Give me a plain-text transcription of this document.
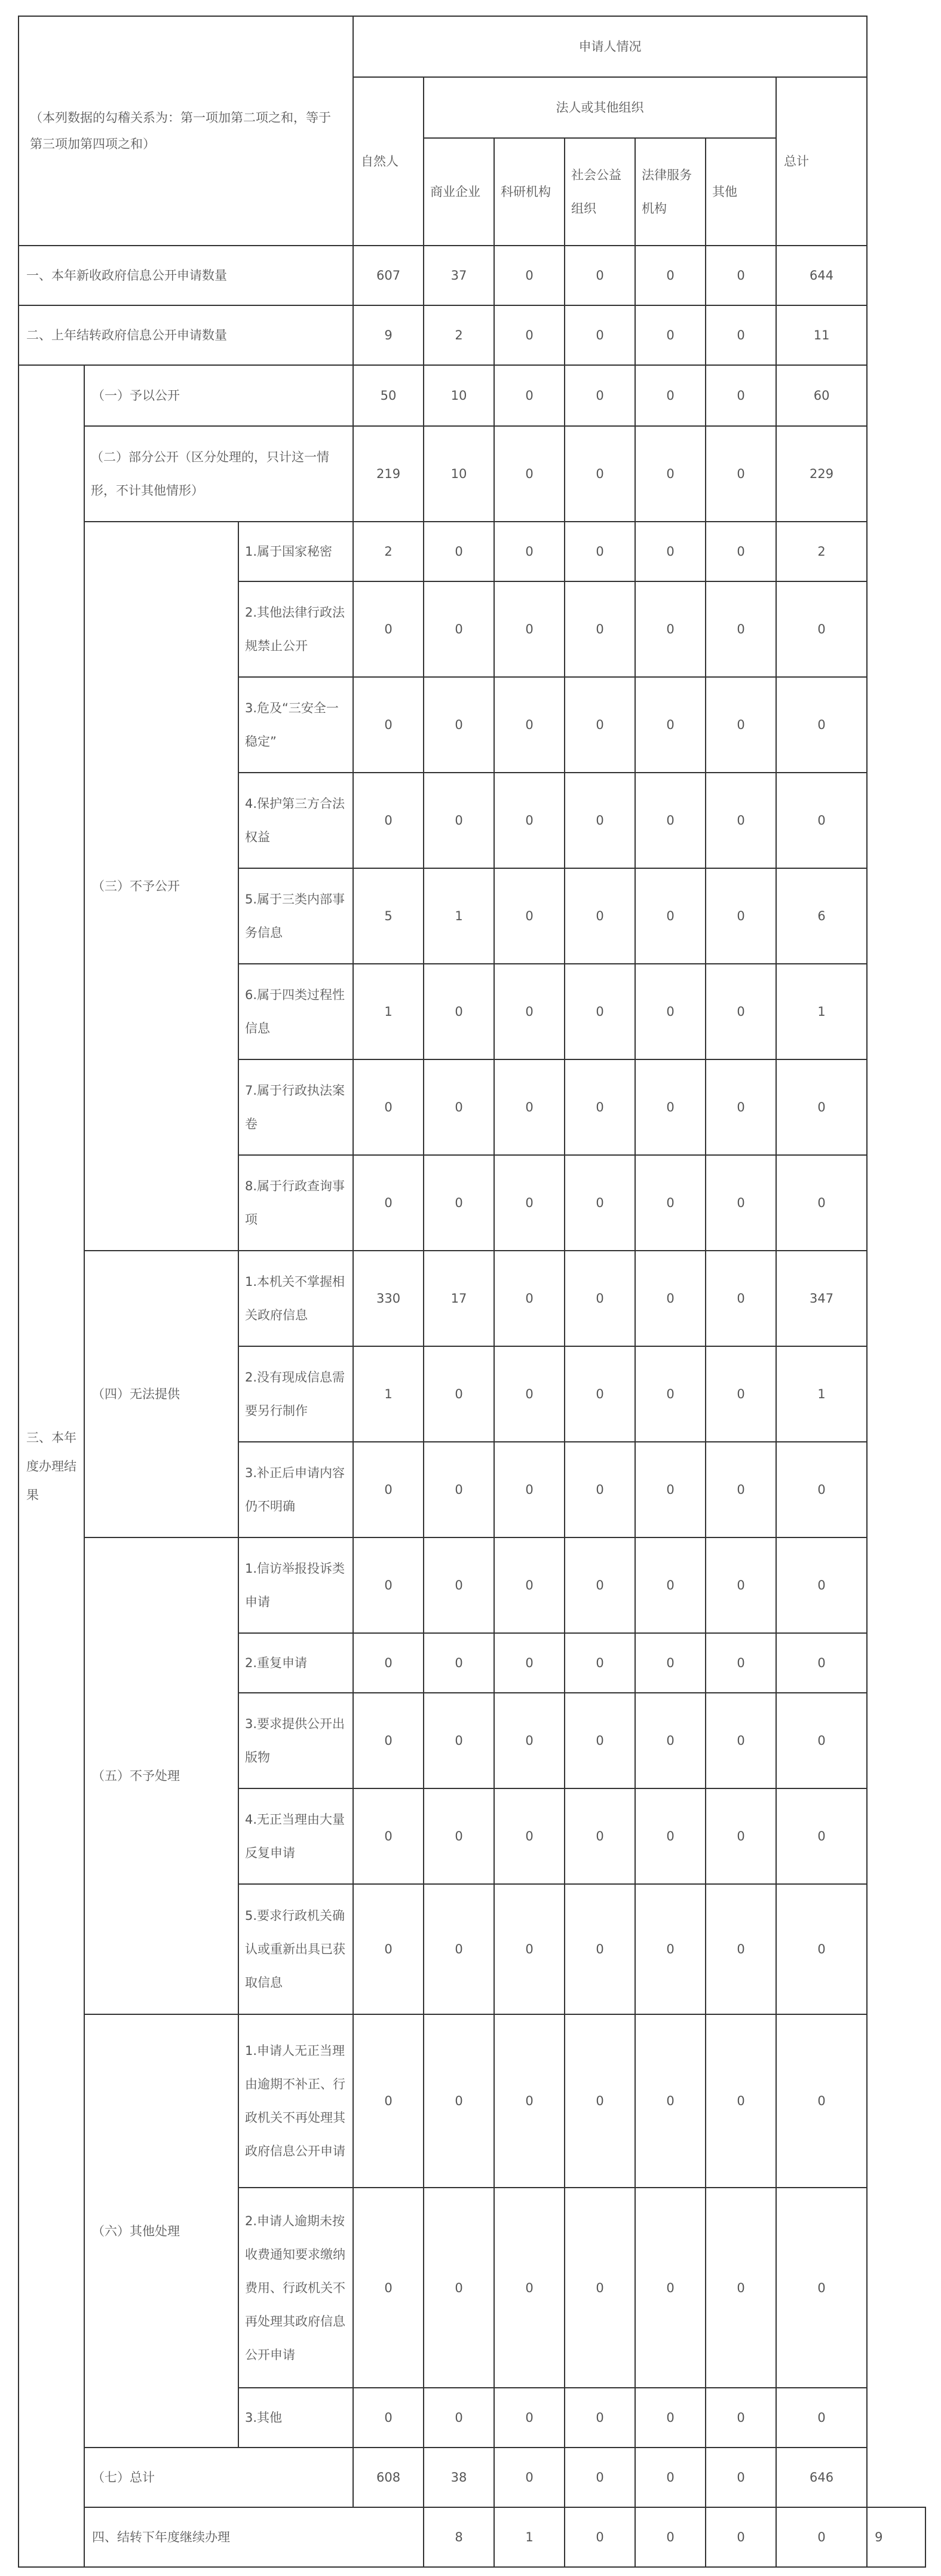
（本列数据的勾稽关系为：第一项加第二项之和，等于第三项加第四项之和）			申请人情况							
			自然人	法人或其他组织					总计	
				商业企业	科研机构	社会公益组织	法律服务机构	其他		
一、本年新收政府信息公开申请数量			607	37	0	0	0	0	644	
二、上年结转政府信息公开申请数量			9	2	0	0	0	0	11	
三、本年度办理结果	（一）予以公开		50	10	0	0	0	0	60	
	（二）部分公开（区分处理的，只计这一情形，不计其他情形）		219	10	0	0	0	0	229	
	（三）不予公开	1.属于国家秘密	2	0	0	0	0	0	2	
		2.其他法律行政法规禁止公开	0	0	0	0	0	0	0	
		3.危及“三安全一稳定”	0	0	0	0	0	0	0	
		4.保护第三方合法权益	0	0	0	0	0	0	0	
		5.属于三类内部事务信息	5	1	0	0	0	0	6	
		6.属于四类过程性信息	1	0	0	0	0	0	1	
		7.属于行政执法案卷	0	0	0	0	0	0	0	
		8.属于行政查询事项	0	0	0	0	0	0	0	
	（四）无法提供	1.本机关不掌握相关政府信息	330	17	0	0	0	0	347	
		2.没有现成信息需要另行制作	1	0	0	0	0	0	1	
		3.补正后申请内容仍不明确	0	0	0	0	0	0	0	
	（五）不予处理	1.信访举报投诉类申请	0	0	0	0	0	0	0	
		2.重复申请	0	0	0	0	0	0	0	
		3.要求提供公开出版物	0	0	0	0	0	0	0	
		4.无正当理由大量反复申请	0	0	0	0	0	0	0	
		5.要求行政机关确认或重新出具已获取信息	0	0	0	0	0	0	0	
	（六）其他处理	1.申请人无正当理由逾期不补正、行政机关不再处理其政府信息公开申请	0	0	0	0	0	0	0	
		2.申请人逾期未按收费通知要求缴纳费用、行政机关不再处理其政府信息公开申请	0	0	0	0	0	0	0	
		3.其他	0	0	0	0	0	0	0	
	（七）总计		608	38	0	0	0	0	646	
	四、结转下年度继续办理			8	1	0	0	0	0	9
